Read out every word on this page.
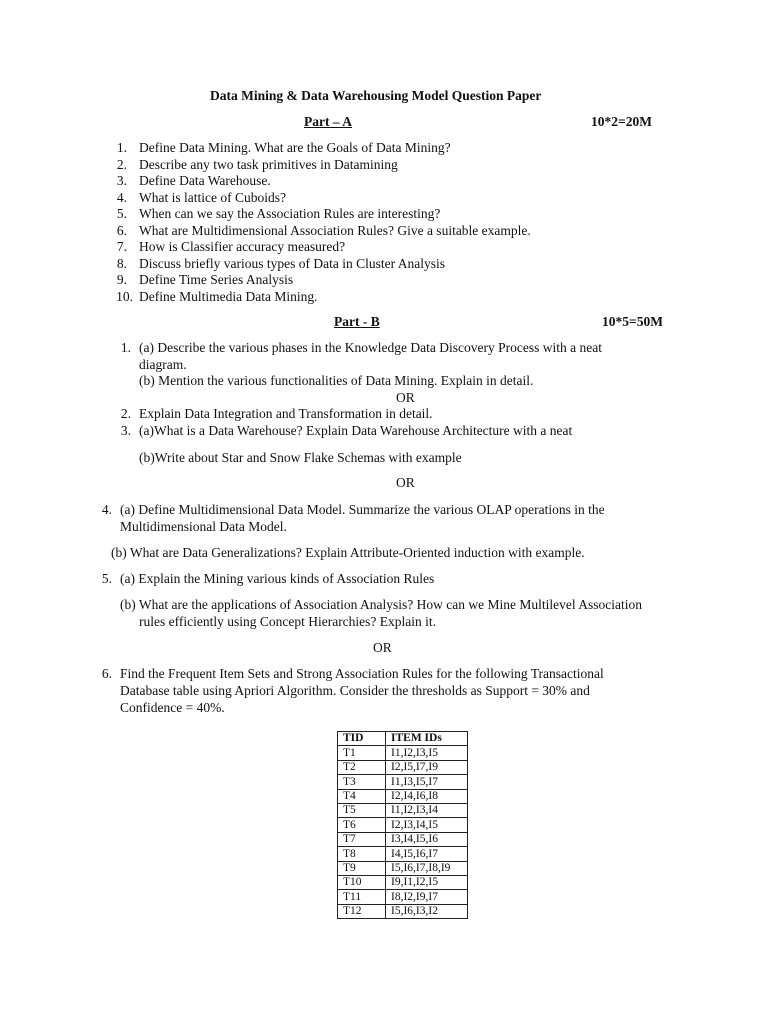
Data Mining & Data Warehousing Model Question Paper
Part – A	10*2=20M
1. Define Data Mining. What are the Goals of Data Mining?
2. Describe any two task primitives in Datamining
3. Define Data Warehouse.
4. What is lattice of Cuboids?
5. When can we say the Association Rules are interesting?
6. What are Multidimensional Association Rules? Give a suitable example.
7. How is Classifier accuracy measured?
8. Discuss briefly various types of Data in Cluster Analysis
9. Define Time Series Analysis
10. Define Multimedia Data Mining.
Part - B	10*5=50M
1. (a) Describe the various phases in the Knowledge Data Discovery Process with a neat
diagram.
(b) Mention the various functionalities of Data Mining. Explain in detail.
OR
2. Explain Data Integration and Transformation in detail.
3. (a)What is a Data Warehouse? Explain Data Warehouse Architecture with a neat
(b)Write about Star and Snow Flake Schemas with example
OR
4. (a) Define Multidimensional Data Model. Summarize the various OLAP operations in the
Multidimensional Data Model.
(b) What are Data Generalizations? Explain Attribute-Oriented induction with example.
5. (a) Explain the Mining various kinds of Association Rules
(b) What are the applications of Association Analysis? How can we Mine Multilevel Association
rules efficiently using Concept Hierarchies? Explain it.
OR
6. Find the Frequent Item Sets and Strong Association Rules for the following Transactional
Database table using Apriori Algorithm. Consider the thresholds as Support = 30% and
Confidence = 40%.
TID	ITEM IDs
T1	I1,I2,I3,I5
T2	I2,I5,I7,I9
T3	I1,I3,I5,I7
T4	I2,I4,I6,I8
T5	I1,I2,I3,I4
T6	I2,I3,I4,I5
T7	I3,I4,I5,I6
T8	I4,I5,I6,I7
T9	I5,I6,I7,I8,I9
T10	I9,I1,I2,I5
T11	I8,I2,I9,I7
T12	I5,I6,I3,I2
